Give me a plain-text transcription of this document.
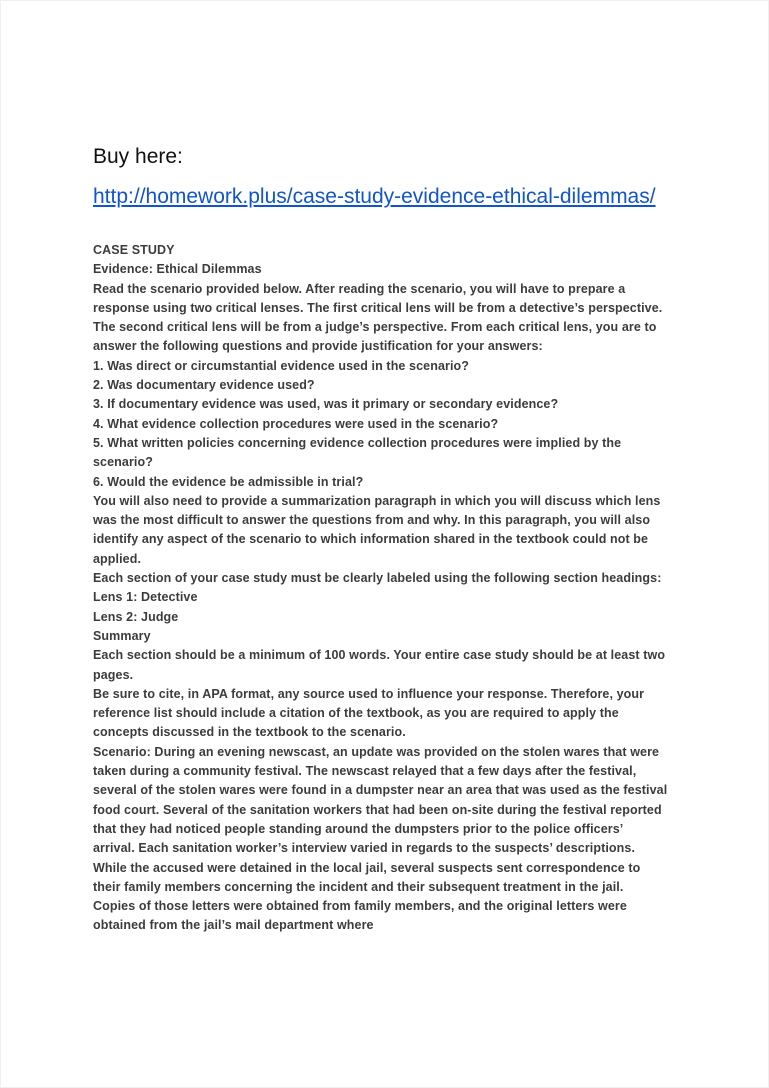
Buy here:
http://homework.plus/case-study-evidence-ethical-dilemmas/

CASE STUDY

Evidence: Ethical Dilemmas

Read the scenario provided below. After reading the scenario, you will have to prepare a response using two critical lenses. The first critical lens will be from a detective’s perspective. The second critical lens will be from a judge’s perspective. From each critical lens, you are to answer the following questions and provide justification for your answers:

1. Was direct or circumstantial evidence used in the scenario?

2. Was documentary evidence used?

3. If documentary evidence was used, was it primary or secondary evidence?

4. What evidence collection procedures were used in the scenario?

5. What written policies concerning evidence collection procedures were implied by the scenario?

6. Would the evidence be admissible in trial?

You will also need to provide a summarization paragraph in which you will discuss which lens was the most difficult to answer the questions from and why. In this paragraph, you will also identify any aspect of the scenario to which information shared in the textbook could not be applied.

Each section of your case study must be clearly labeled using the following section headings:

Lens 1: Detective

Lens 2: Judge

Summary

Each section should be a minimum of 100 words. Your entire case study should be at least two pages.

Be sure to cite, in APA format, any source used to influence your response. Therefore, your reference list should include a citation of the textbook, as you are required to apply the concepts discussed in the textbook to the scenario.

Scenario: During an evening newscast, an update was provided on the stolen wares that were taken during a community festival. The newscast relayed that a few days after the festival, several of the stolen wares were found in a dumpster near an area that was used as the festival food court. Several of the sanitation workers that had been on-site during the festival reported that they had noticed people standing around the dumpsters prior to the police officers’ arrival. Each sanitation worker’s interview varied in regards to the suspects’ descriptions. While the accused were detained in the local jail, several suspects sent correspondence to their family members concerning the incident and their subsequent treatment in the jail. Copies of those letters were obtained from family members, and the original letters were obtained from the jail’s mail department where
